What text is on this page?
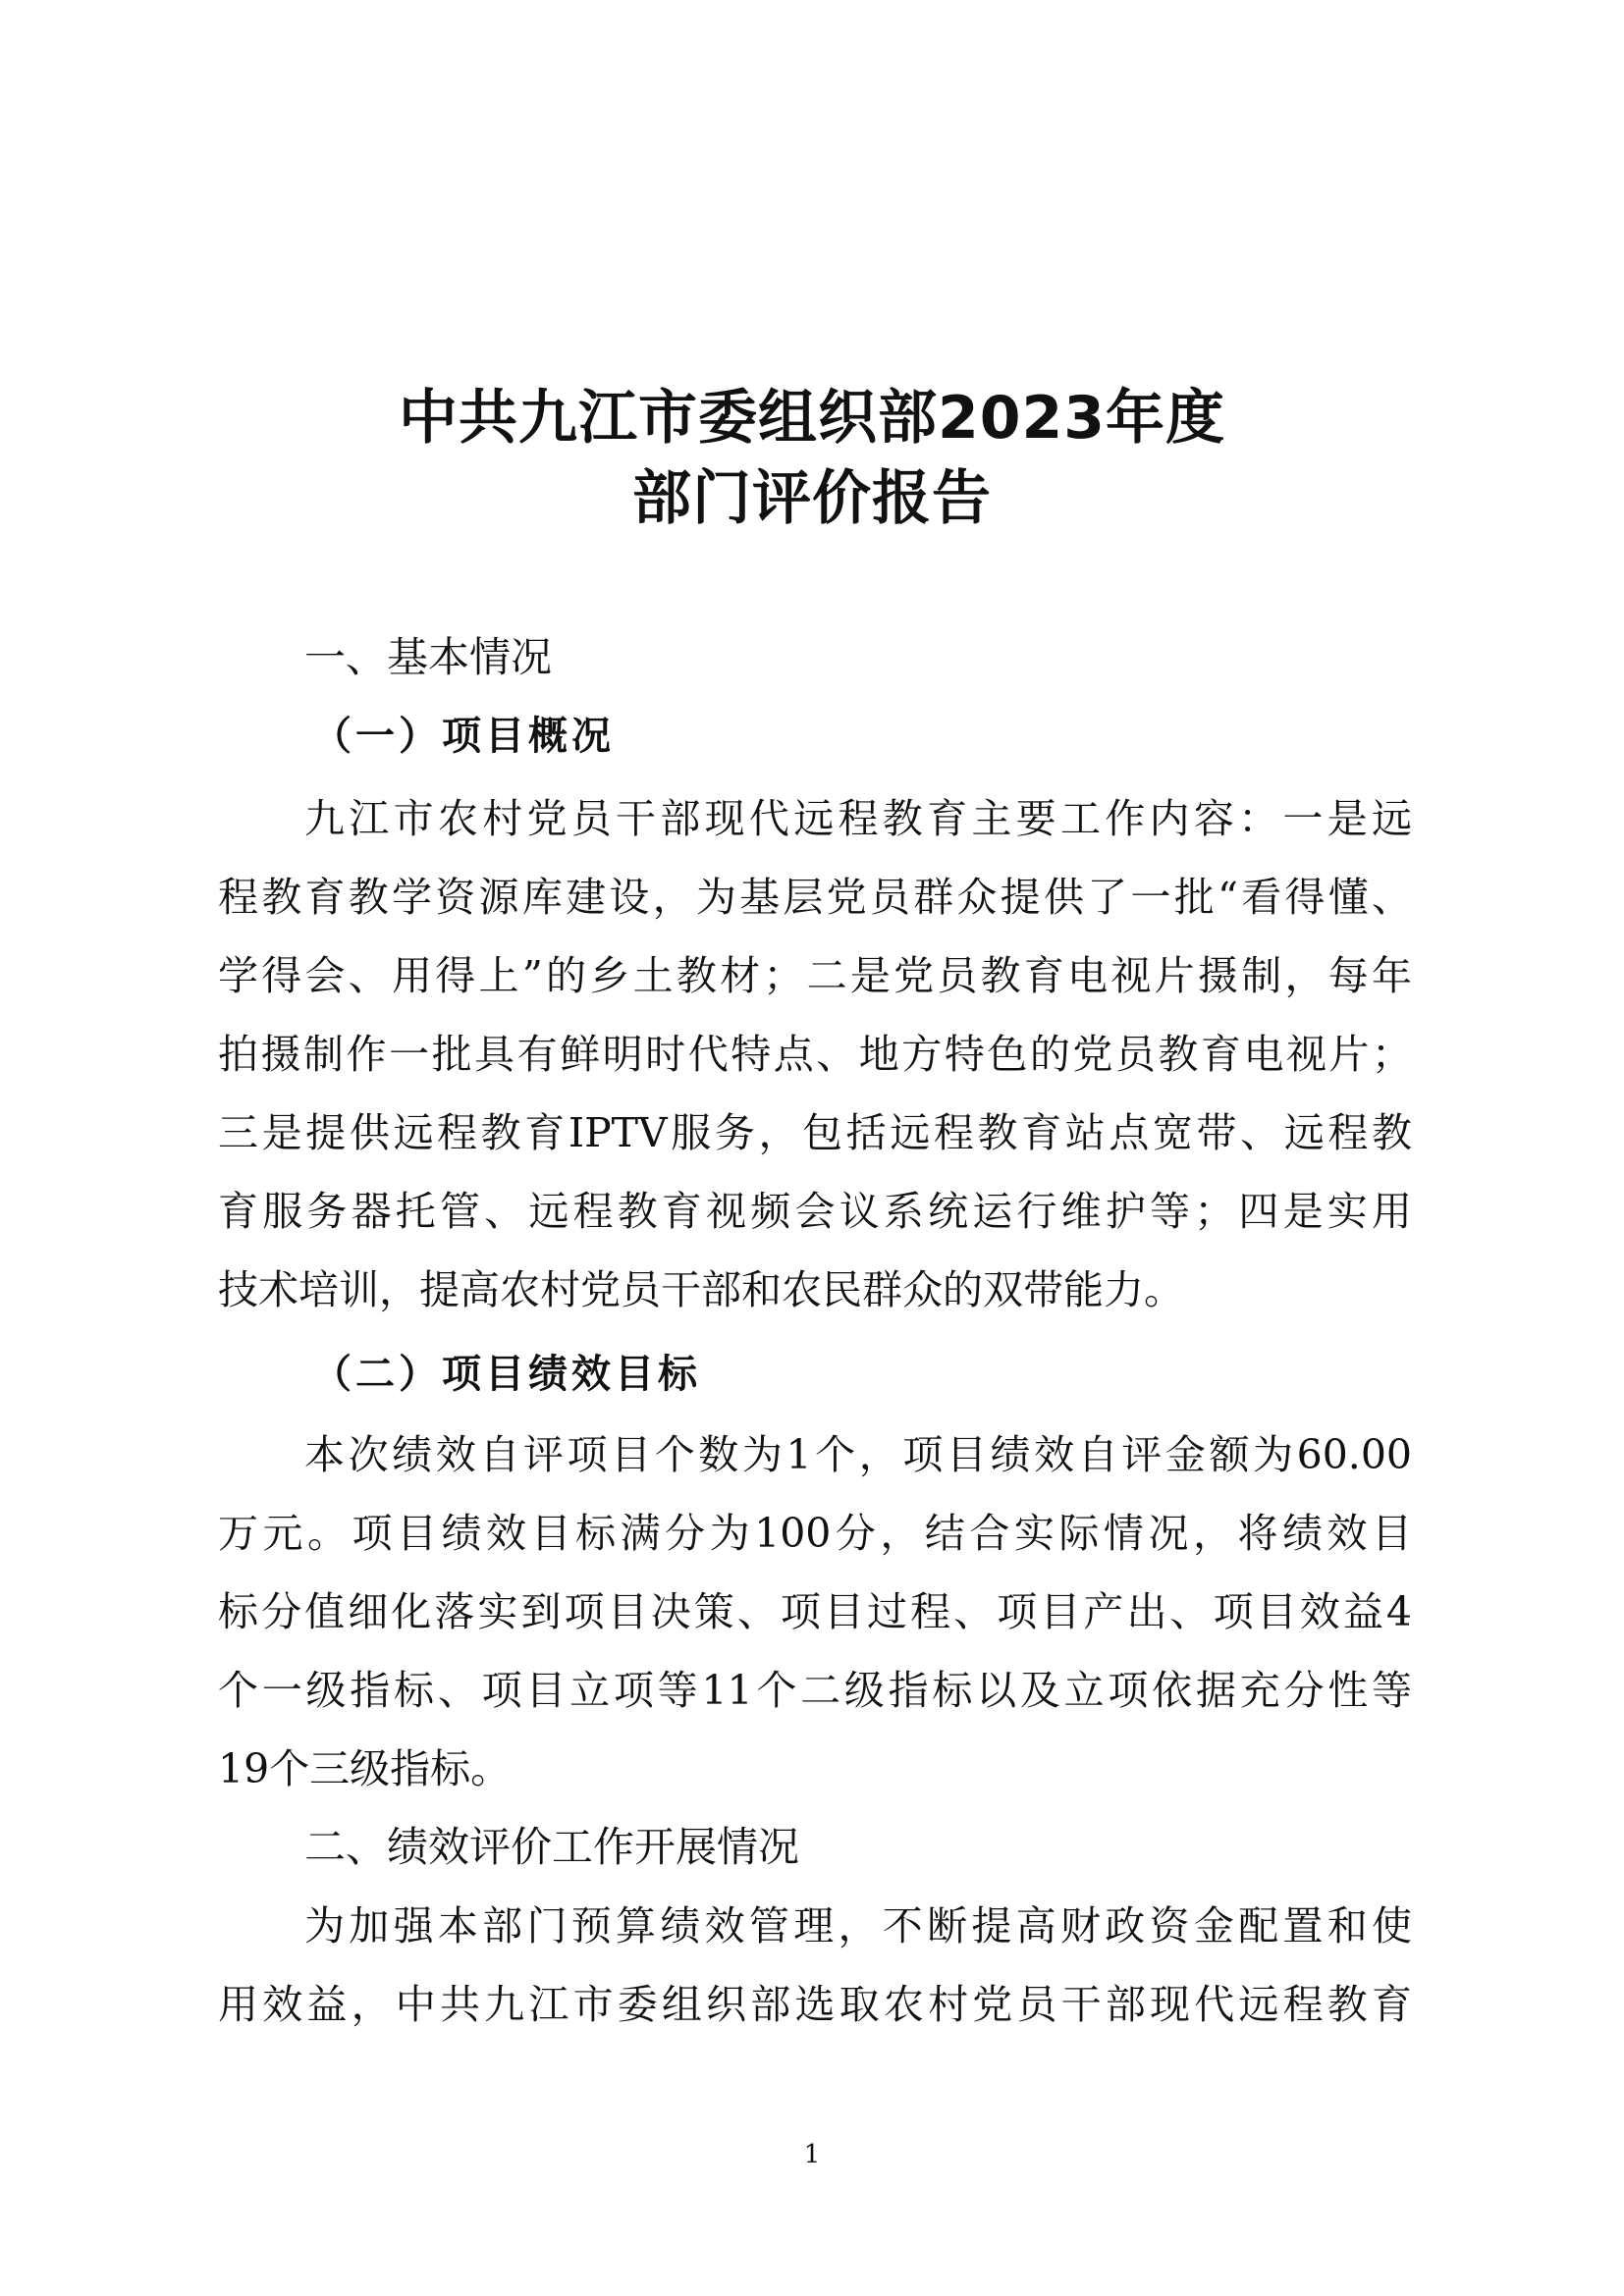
中共九江市委组织部2023年度
部门评价报告
一、基本情况
（一）项目概况
九江市农村党员干部现代远程教育主要工作内容：一是远
程教育教学资源库建设，为基层党员群众提供了一批“看得懂、
学得会、用得上”的乡土教材；二是党员教育电视片摄制，每年
拍摄制作一批具有鲜明时代特点、地方特色的党员教育电视片；
三是提供远程教育IPTV服务，包括远程教育站点宽带、远程教
育服务器托管、远程教育视频会议系统运行维护等；四是实用
技术培训，提高农村党员干部和农民群众的双带能力。
（二）项目绩效目标
本次绩效自评项目个数为1个，项目绩效自评金额为60.00
万元。项目绩效目标满分为100分，结合实际情况，将绩效目
标分值细化落实到项目决策、项目过程、项目产出、项目效益4
个一级指标、项目立项等11个二级指标以及立项依据充分性等
19个三级指标。
二、绩效评价工作开展情况
为加强本部门预算绩效管理，不断提高财政资金配置和使
用效益，中共九江市委组织部选取农村党员干部现代远程教育
1
